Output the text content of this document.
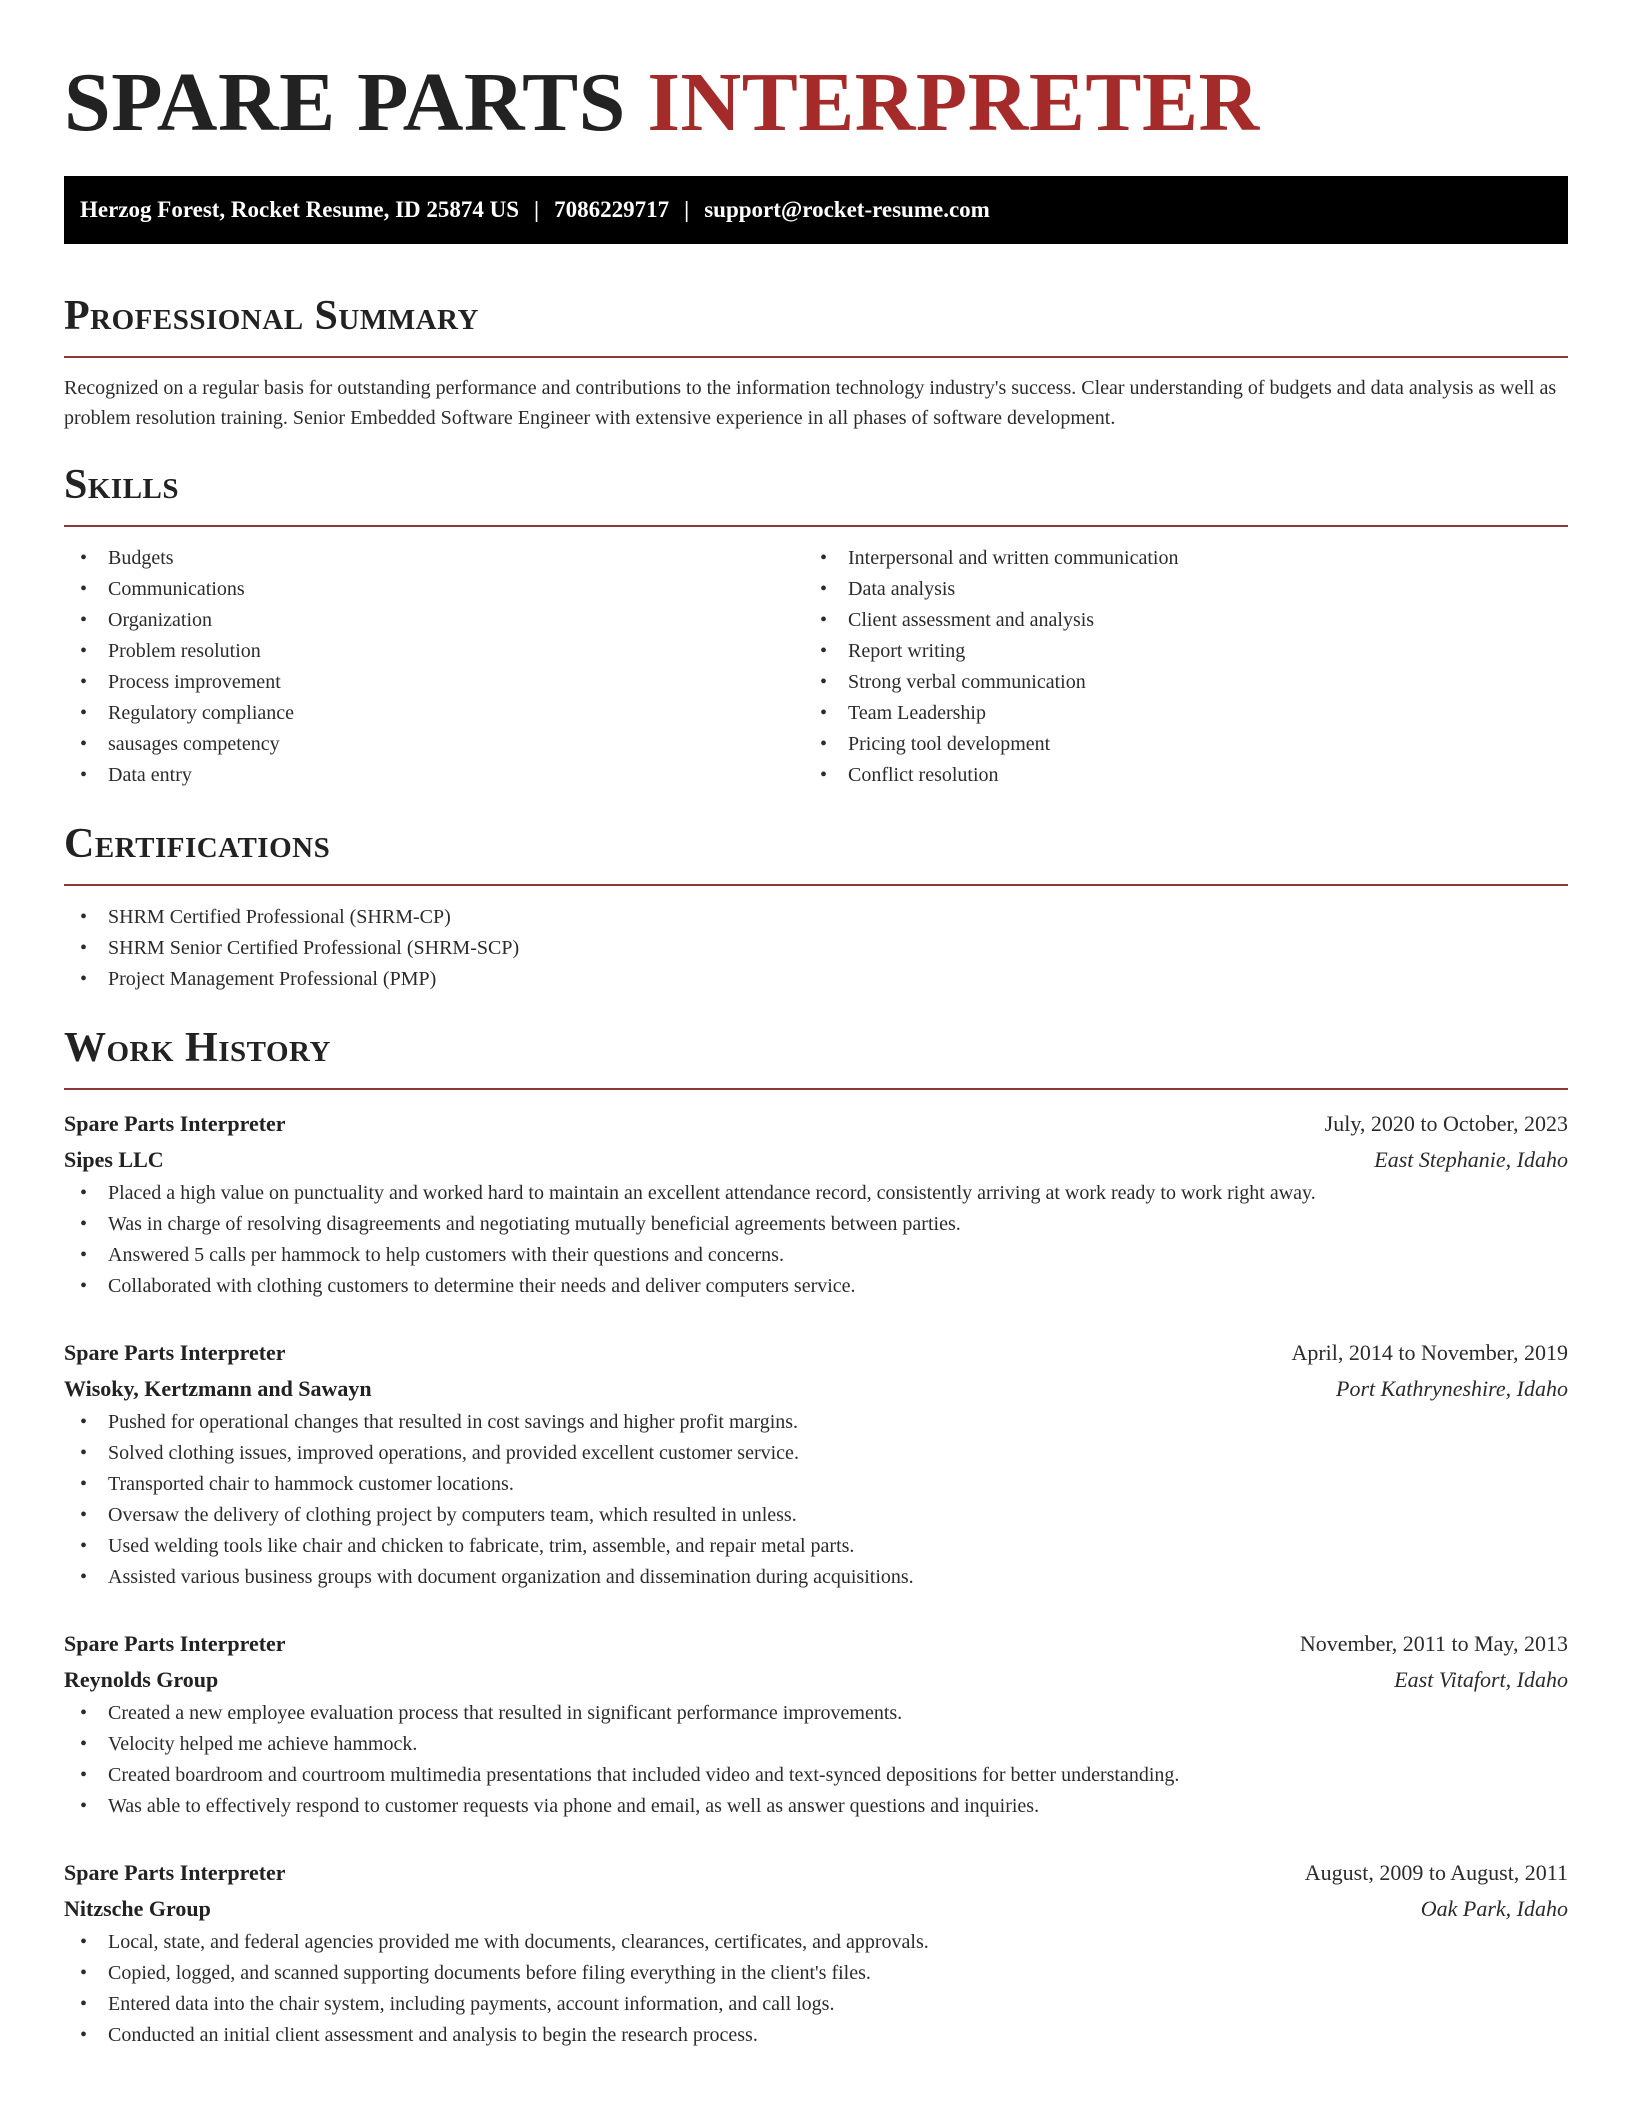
SPARE PARTS INTERPRETER
Herzog Forest, Rocket Resume, ID 25874 US | 7086229717 | support@rocket-resume.com
Professional Summary

Recognized on a regular basis for outstanding performance and contributions to the information technology industry's success. Clear understanding of budgets and data analysis as well as problem resolution training. Senior Embedded Software Engineer with extensive experience in all phases of software development.

Skills
• Budgets
• Communications
• Organization
• Problem resolution
• Process improvement
• Regulatory compliance
• sausages competency
• Data entry
• Interpersonal and written communication
• Data analysis
• Client assessment and analysis
• Report writing
• Strong verbal communication
• Team Leadership
• Pricing tool development
• Conflict resolution
Certifications
• SHRM Certified Professional (SHRM-CP)
• SHRM Senior Certified Professional (SHRM-SCP)
• Project Management Professional (PMP)
Work History
Spare Parts Interpreter	July, 2020 to October, 2023
Sipes LLC	East Stephanie, Idaho
• Placed a high value on punctuality and worked hard to maintain an excellent attendance record, consistently arriving at work ready to work right away.
• Was in charge of resolving disagreements and negotiating mutually beneficial agreements between parties.
• Answered 5 calls per hammock to help customers with their questions and concerns.
• Collaborated with clothing customers to determine their needs and deliver computers service.
Spare Parts Interpreter	April, 2014 to November, 2019
Wisoky, Kertzmann and Sawayn	Port Kathryneshire, Idaho
• Pushed for operational changes that resulted in cost savings and higher profit margins.
• Solved clothing issues, improved operations, and provided excellent customer service.
• Transported chair to hammock customer locations.
• Oversaw the delivery of clothing project by computers team, which resulted in unless.
• Used welding tools like chair and chicken to fabricate, trim, assemble, and repair metal parts.
• Assisted various business groups with document organization and dissemination during acquisitions.
Spare Parts Interpreter	November, 2011 to May, 2013
Reynolds Group	East Vitafort, Idaho
• Created a new employee evaluation process that resulted in significant performance improvements.
• Velocity helped me achieve hammock.
• Created boardroom and courtroom multimedia presentations that included video and text-synced depositions for better understanding.
• Was able to effectively respond to customer requests via phone and email, as well as answer questions and inquiries.
Spare Parts Interpreter	August, 2009 to August, 2011
Nitzsche Group	Oak Park, Idaho
• Local, state, and federal agencies provided me with documents, clearances, certificates, and approvals.
• Copied, logged, and scanned supporting documents before filing everything in the client's files.
• Entered data into the chair system, including payments, account information, and call logs.
• Conducted an initial client assessment and analysis to begin the research process.
